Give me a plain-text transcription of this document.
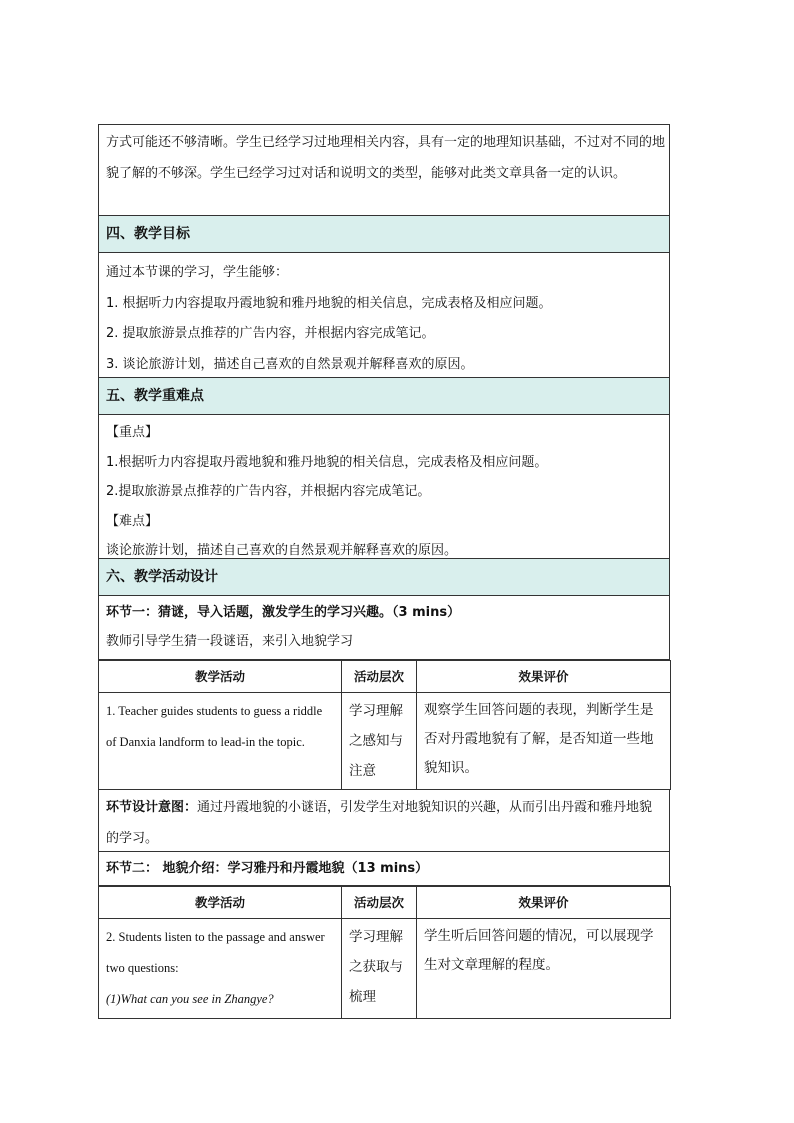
方式可能还不够清晰。学生已经学习过地理相关内容，具有一定的地理知识基础，不过对不同的地貌了解的不够深。学生已经学习过对话和说明文的类型，能够对此类文章具备一定的认识。
四、教学目标
通过本节课的学习，学生能够：
1. 根据听力内容提取丹霞地貌和雅丹地貌的相关信息，完成表格及相应问题。
2. 提取旅游景点推荐的广告内容，并根据内容完成笔记。
3. 谈论旅游计划，描述自己喜欢的自然景观并解释喜欢的原因。
五、教学重难点
【重点】
1.根据听力内容提取丹霞地貌和雅丹地貌的相关信息，完成表格及相应问题。
2.提取旅游景点推荐的广告内容，并根据内容完成笔记。
【难点】
谈论旅游计划，描述自己喜欢的自然景观并解释喜欢的原因。
六、教学活动设计
环节一：猜谜，导入话题，激发学生的学习兴趣。（3 mins）
教师引导学生猜一段谜语，来引入地貌学习
教学活动	活动层次	效果评价
1. Teacher guides students to guess a riddle of Danxia landform to lead-in the topic.	学习理解之感知与注意	观察学生回答问题的表现，判断学生是否对丹霞地貌有了解，是否知道一些地貌知识。
环节设计意图：通过丹霞地貌的小谜语，引发学生对地貌知识的兴趣，从而引出丹霞和雅丹地貌的学习。
环节二： 地貌介绍：学习雅丹和丹霞地貌（13 mins）
教学活动	活动层次	效果评价
2. Students listen to the passage and answer two questions:
(1)What can you see in Zhangye?	学习理解之获取与梳理	学生听后回答问题的情况，可以展现学生对文章理解的程度。
